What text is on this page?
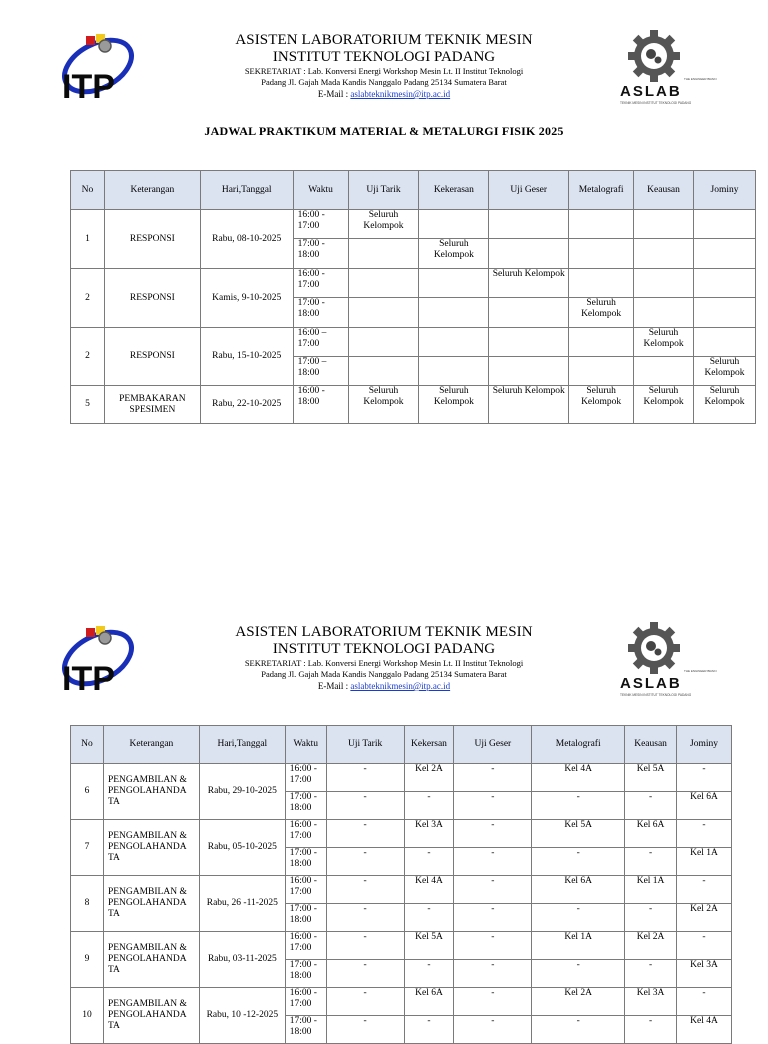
ITP
ASISTEN LABORATORIUM TEKNIK MESIN
INSTITUT TEKNOLOGI PADANG
SEKRETARIAT : Lab. Konversi Energi Workshop Mesin Lt. II Institut Teknologi
Padang Jl. Gajah Mada Kandis Nanggalo Padang 25134 Sumatera Barat
E-Mail : aslabteknikmesin@itp.ac.id
THE ENGINEER BRAIN
ASLAB
TEKNIK MESIN INSTITUT TEKNOLOGI PADANG
JADWAL PRAKTIKUM MATERIAL & METALURGI FISIK 2025
No	Keterangan	Hari,Tanggal	Waktu	Uji Tarik	Kekerasan	Uji Geser	Metalografi	Keausan	Jominy
1	RESPONSI	Rabu, 08-10-2025	16:00 - 17:00	Seluruh Kelompok					
			17:00 - 18:00		Seluruh Kelompok				
2	RESPONSI	Kamis, 9-10-2025	16:00 - 17:00			Seluruh Kelompok			
			17:00 - 18:00				Seluruh Kelompok		
2	RESPONSI	Rabu, 15-10-2025	16:00 – 17:00					Seluruh Kelompok	
			17:00 – 18:00						Seluruh Kelompok
5	PEMBAKARAN SPESIMEN	Rabu, 22-10-2025	16:00 - 18:00	Seluruh Kelompok	Seluruh Kelompok	Seluruh Kelompok	Seluruh Kelompok	Seluruh Kelompok	Seluruh Kelompok
ITP
ASISTEN LABORATORIUM TEKNIK MESIN
INSTITUT TEKNOLOGI PADANG
SEKRETARIAT : Lab. Konversi Energi Workshop Mesin Lt. II Institut Teknologi
Padang Jl. Gajah Mada Kandis Nanggalo Padang 25134 Sumatera Barat
E-Mail : aslabteknikmesin@itp.ac.id
THE ENGINEER BRAIN
ASLAB
TEKNIK MESIN INSTITUT TEKNOLOGI PADANG
No	Keterangan	Hari,Tanggal	Waktu	Uji Tarik	Kekersan	Uji Geser	Metalografi	Keausan	Jominy
6	PENGAMBILAN & PENGOLAHANDA TA	Rabu, 29-10-2025	16:00 - 17:00	-	Kel 2A	-	Kel 4A	Kel 5A	-
			17:00 - 18:00	-	-	-	-	-	Kel 6A
7	PENGAMBILAN & PENGOLAHANDA TA	Rabu, 05-10-2025	16:00 - 17:00	-	Kel 3A	-	Kel 5A	Kel 6A	-
			17:00 - 18:00	-	-	-	-	-	Kel 1A
8	PENGAMBILAN & PENGOLAHANDA TA	Rabu, 26 -11-2025	16:00 - 17:00	-	Kel 4A	-	Kel 6A	Kel 1A	-
			17:00 - 18:00	-	-	-	-	-	Kel 2A
9	PENGAMBILAN & PENGOLAHANDA TA	Rabu, 03-11-2025	16:00 - 17:00	-	Kel 5A	-	Kel 1A	Kel 2A	-
			17:00 - 18:00	-	-	-	-	-	Kel 3A
10	PENGAMBILAN & PENGOLAHANDA TA	Rabu, 10 -12-2025	16:00 - 17:00	-	Kel 6A	-	Kel 2A	Kel 3A	-
			17:00 - 18:00	-	-	-	-	-	Kel 4A
